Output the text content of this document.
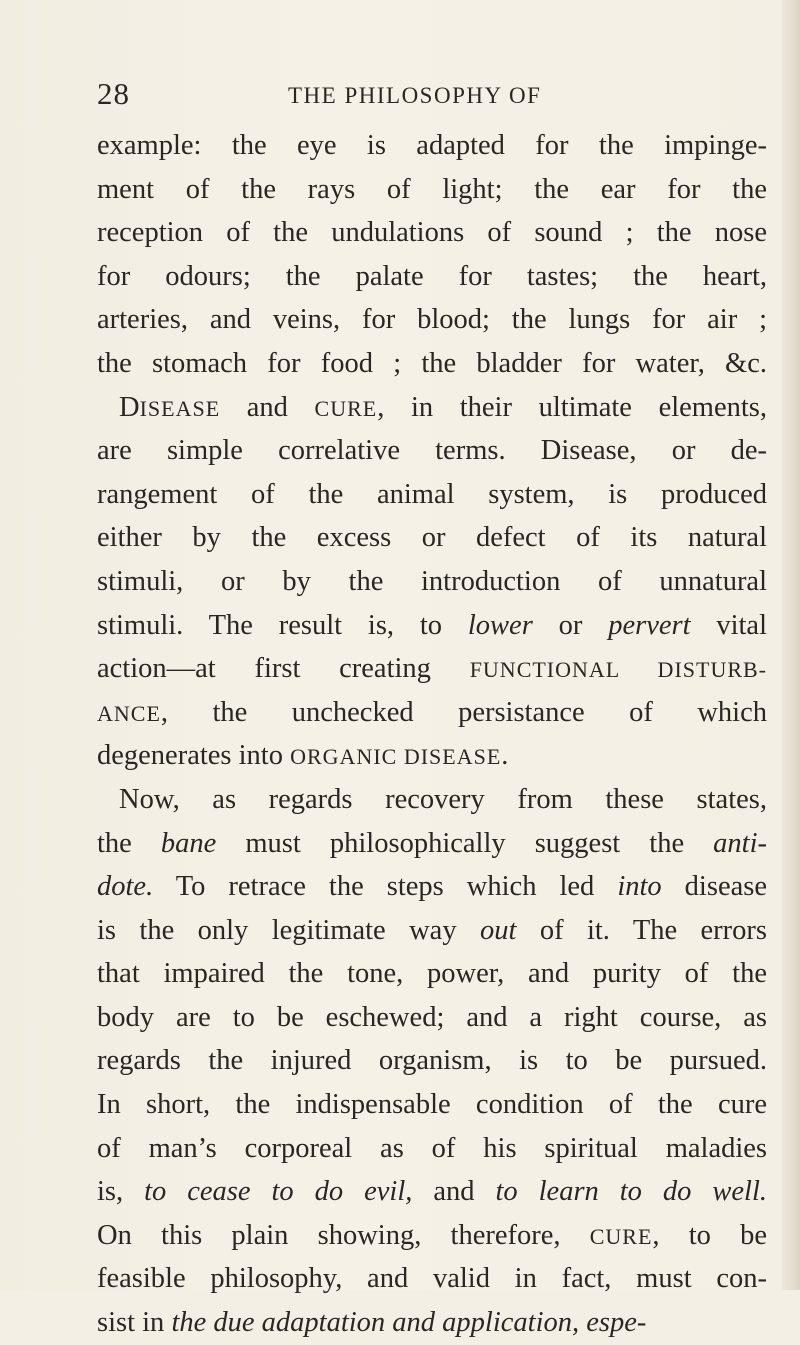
28	THE PHILOSOPHY OF
example: the eye is adapted for the impinge-
ment of the rays of light; the ear for the
reception of the undulations of sound ; the nose
for odours; the palate for tastes; the heart,
arteries, and veins, for blood; the lungs for air ;
the stomach for food ; the bladder for water, &c.
DISEASE and CURE, in their ultimate elements,
are simple correlative terms. Disease, or de-
rangement of the animal system, is produced
either by the excess or defect of its natural
stimuli, or by the introduction of unnatural
stimuli. The result is, to lower or pervert vital
action—at first creating FUNCTIONAL DISTURB-
ANCE, the unchecked persistance of which
degenerates into ORGANIC DISEASE.
Now, as regards recovery from these states,
the bane must philosophically suggest the anti-
dote. To retrace the steps which led into disease
is the only legitimate way out of it. The errors
that impaired the tone, power, and purity of the
body are to be eschewed; and a right course, as
regards the injured organism, is to be pursued.
In short, the indispensable condition of the cure
of man’s corporeal as of his spiritual maladies
is, to cease to do evil, and to learn to do well.
On this plain showing, therefore, CURE, to be
feasible philosophy, and valid in fact, must con-
sist in the due adaptation and application, espe-
